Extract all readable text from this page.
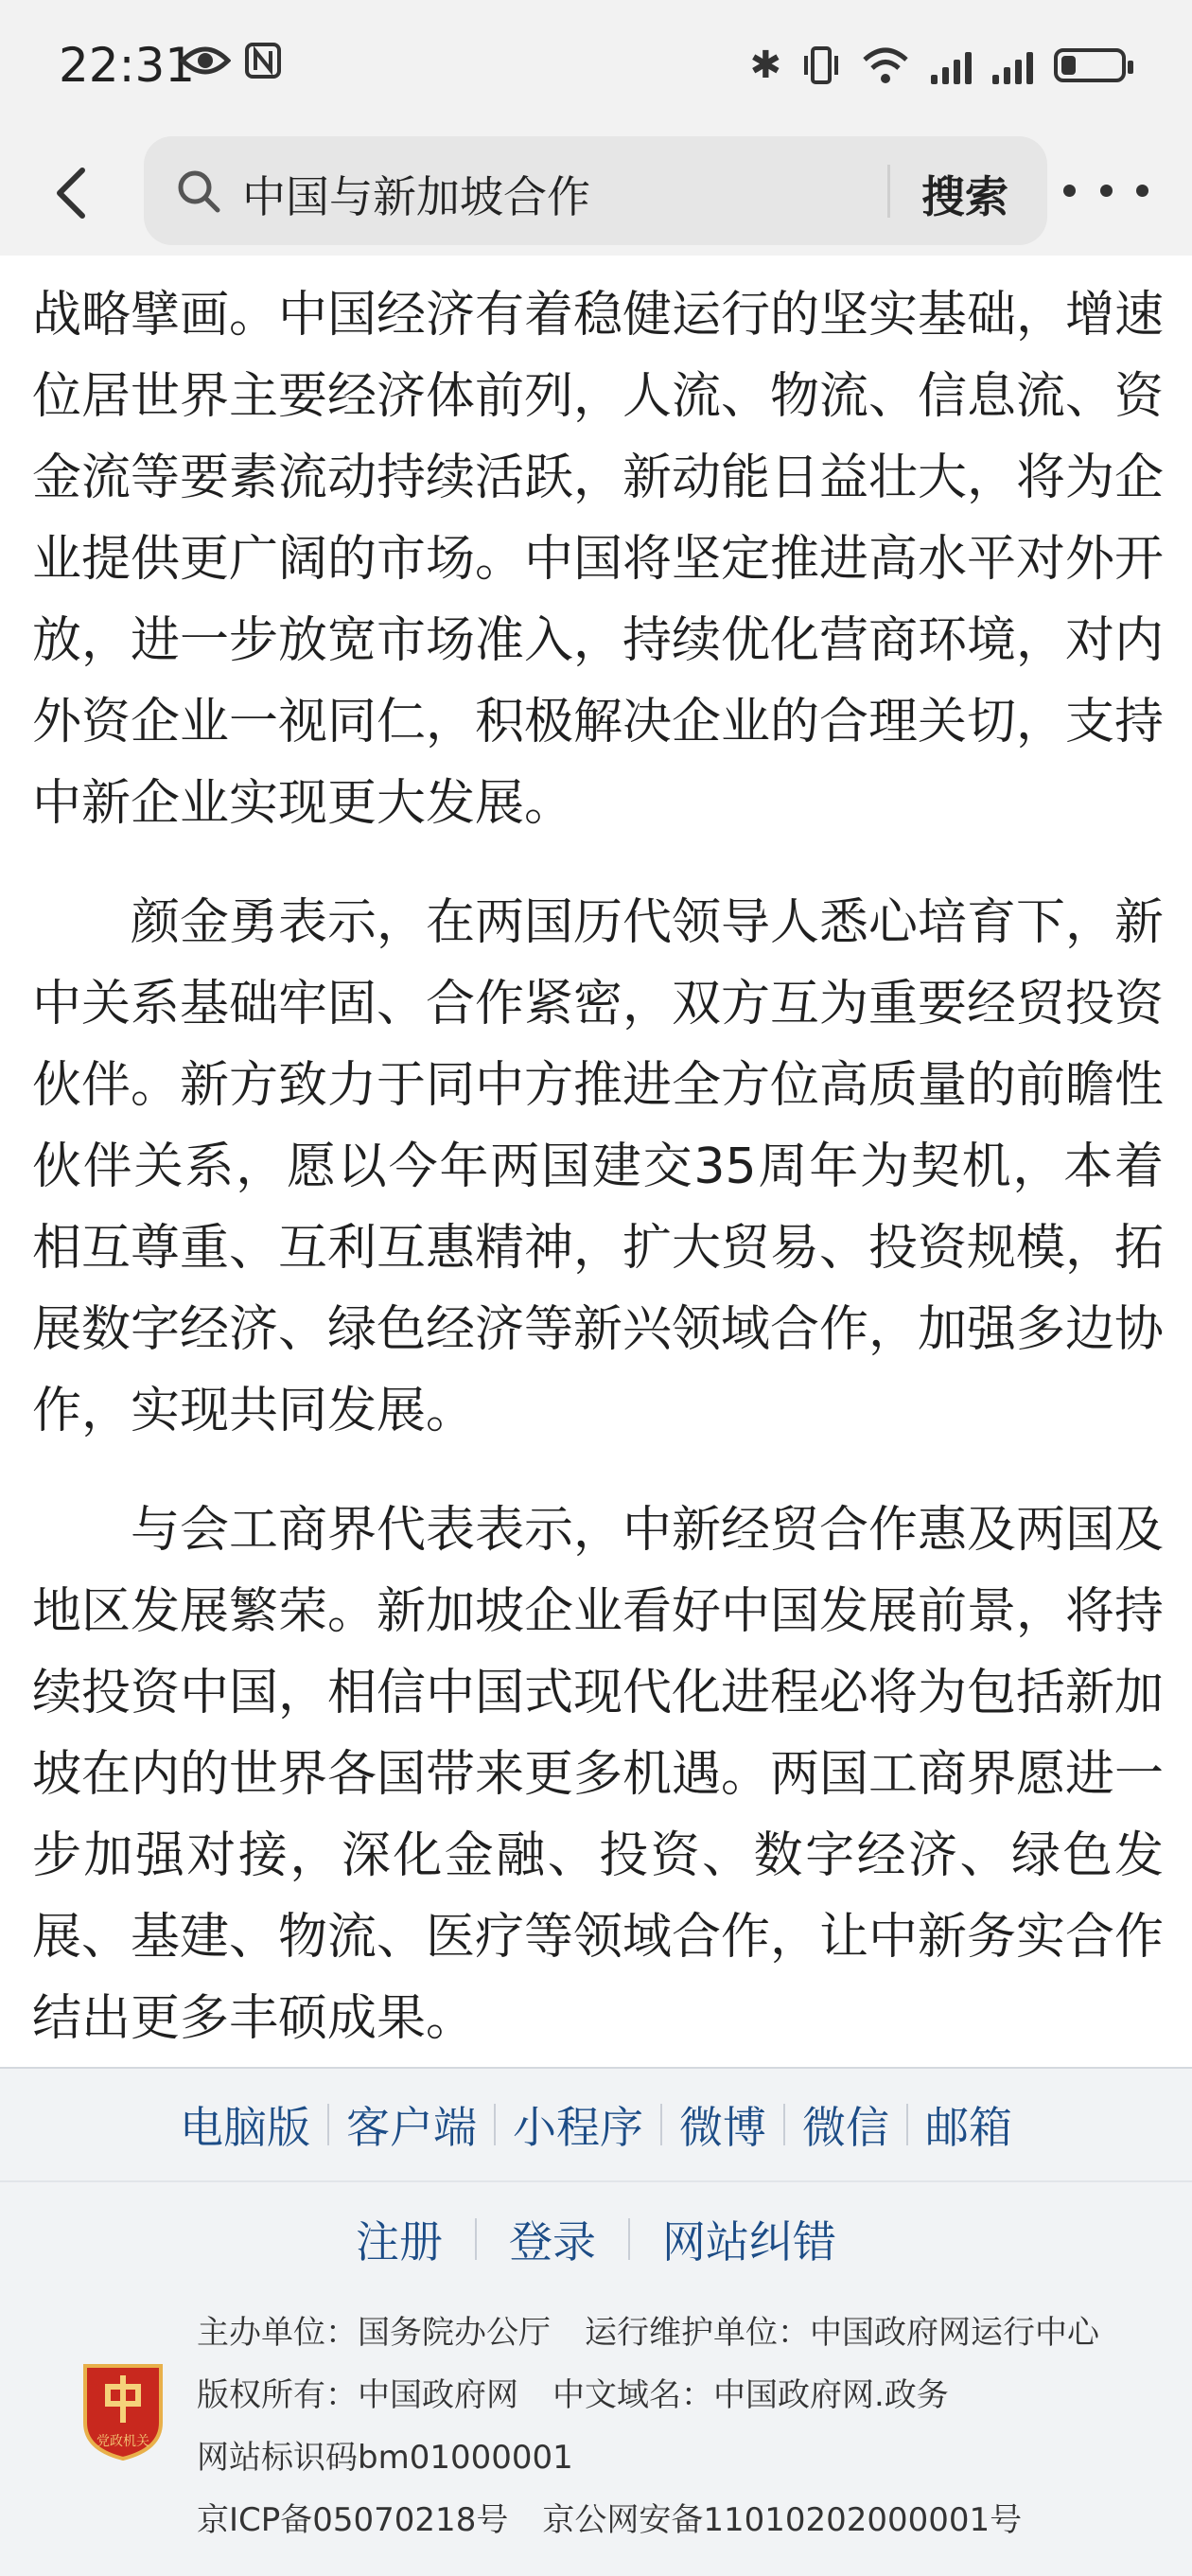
22:31	✱
中国与新加坡合作	搜索

战略擘画。中国经济有着稳健运行的坚实基础，增速位居世界主要经济体前列，人流、物流、信息流、资金流等要素流动持续活跃，新动能日益壮大，将为企业提供更广阔的市场。中国将坚定推进高水平对外开放，进一步放宽市场准入，持续优化营商环境，对内外资企业一视同仁，积极解决企业的合理关切，支持中新企业实现更大发展。

颜金勇表示，在两国历代领导人悉心培育下，新中关系基础牢固、合作紧密，双方互为重要经贸投资伙伴。新方致力于同中方推进全方位高质量的前瞻性伙伴关系，愿以今年两国建交35周年为契机，本着相互尊重、互利互惠精神，扩大贸易、投资规模，拓展数字经济、绿色经济等新兴领域合作，加强多边协作，实现共同发展。

与会工商界代表表示，中新经贸合作惠及两国及地区发展繁荣。新加坡企业看好中国发展前景，将持续投资中国，相信中国式现代化进程必将为包括新加坡在内的世界各国带来更多机遇。两国工商界愿进一步加强对接，深化金融、投资、数字经济、绿色发展、基建、物流、医疗等领域合作，让中新务实合作结出更多丰硕成果。

电脑版 客户端 小程序 微博 微信 邮箱
注册 登录 网站纠错
党政机关
主办单位：国务院办公厅 运行维护单位：中国政府网运行中心
版权所有：中国政府网 中文域名：中国政府网.政务
网站标识码bm01000001
京ICP备05070218号 京公网安备11010202000001号
